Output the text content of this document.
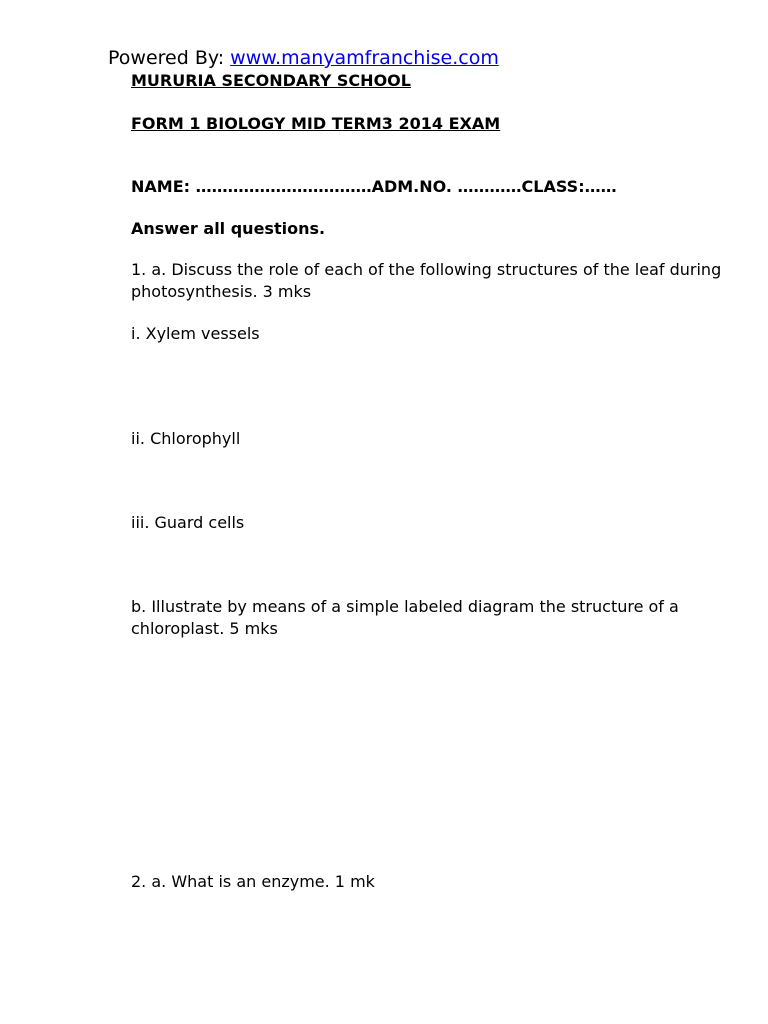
Powered By: www.manyamfranchise.com
MURURIA SECONDARY SCHOOL
FORM 1 BIOLOGY MID TERM3 2014 EXAM
NAME: ……………………………ADM.NO. …………CLASS:……
Answer all questions.
1. a. Discuss the role of each of the following structures of the leaf during photosynthesis. 3 mks
i. Xylem vessels
ii. Chlorophyll
iii. Guard cells
b. Illustrate by means of a simple labeled diagram the structure of a chloroplast. 5 mks
2. a. What is an enzyme. 1 mk
